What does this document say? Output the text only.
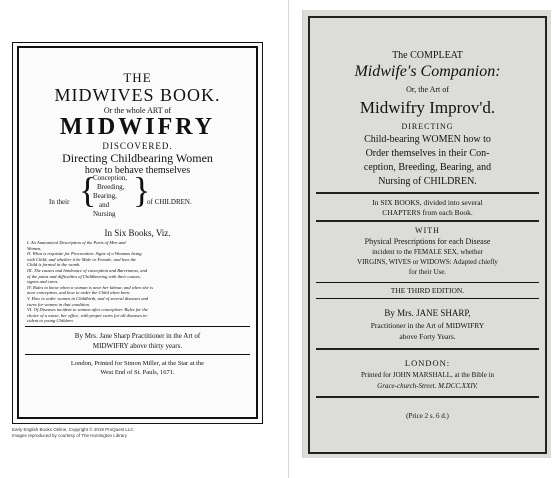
THE
MIDWIVES BOOK.
Or the whole ART of
MIDWIFRY
DISCOVERED.
Directing Childbearing Women
how to behave themselves
In their {
Conception,
Breeding,
Bearing,
and
Nursing
}
of CHILDREN.
In Six Books, Viz.
I. An Anatomical Description of the Parts of Men and
Women,
II. What is requisite for Procreation: Signs of a Womans being
with Child, and whether it be Male or Female, and how the
Child is formed in the womb.
III. The causes and hindrance of conception and Barrenness, and
of the pains and difficulties of Childbearing with their causes,
signes and cures.
IV. Rules to know when a woman is near her labour, and when she is
near conception, and how to order the Child when born.
V. How to order women in Childbirth, and of several diseases and
cures for women in that condition.
VI. Of Diseases incident to women after conception: Rules for the
choice of a nurse, her office, with proper cures for all diseases in-
cident to young Children.
By Mrs. Jane Sharp Practitioner in the Art of
MIDWIFRY above thirty years.
London, Printed for Simon Miller, at the Star at the
West End of St. Pauls, 1671.
Early English Books Online, Copyright © 2019 ProQuest LLC
Images reproduced by courtesy of The Huntington Library
The COMPLEAT
Midwife's Companion:
Or, the Art of
Midwifry Improv'd.
DIRECTING
Child-bearing WOMEN how to
Order themselves in their Con-
ception, Breeding, Bearing, and
Nursing of CHILDREN.
In SIX BOOKS, divided into several
CHAPTERS from each Book.
WITH
Physical Prescriptions for each Disease
incident to the FEMALE SEX, whether
VIRGINS, WIVES or WIDOWS: Adapted chiefly
for their Use.
THE THIRD EDITION.
By Mrs. JANE SHARP,
Practitioner in the Art of MIDWIFRY
above Forty Years.
LONDON:
Printed for JOHN MARSHALL, at the Bible in
Grace-church-Street. M.DCC.XXIV.
(Price 2 s. 6 d.)
